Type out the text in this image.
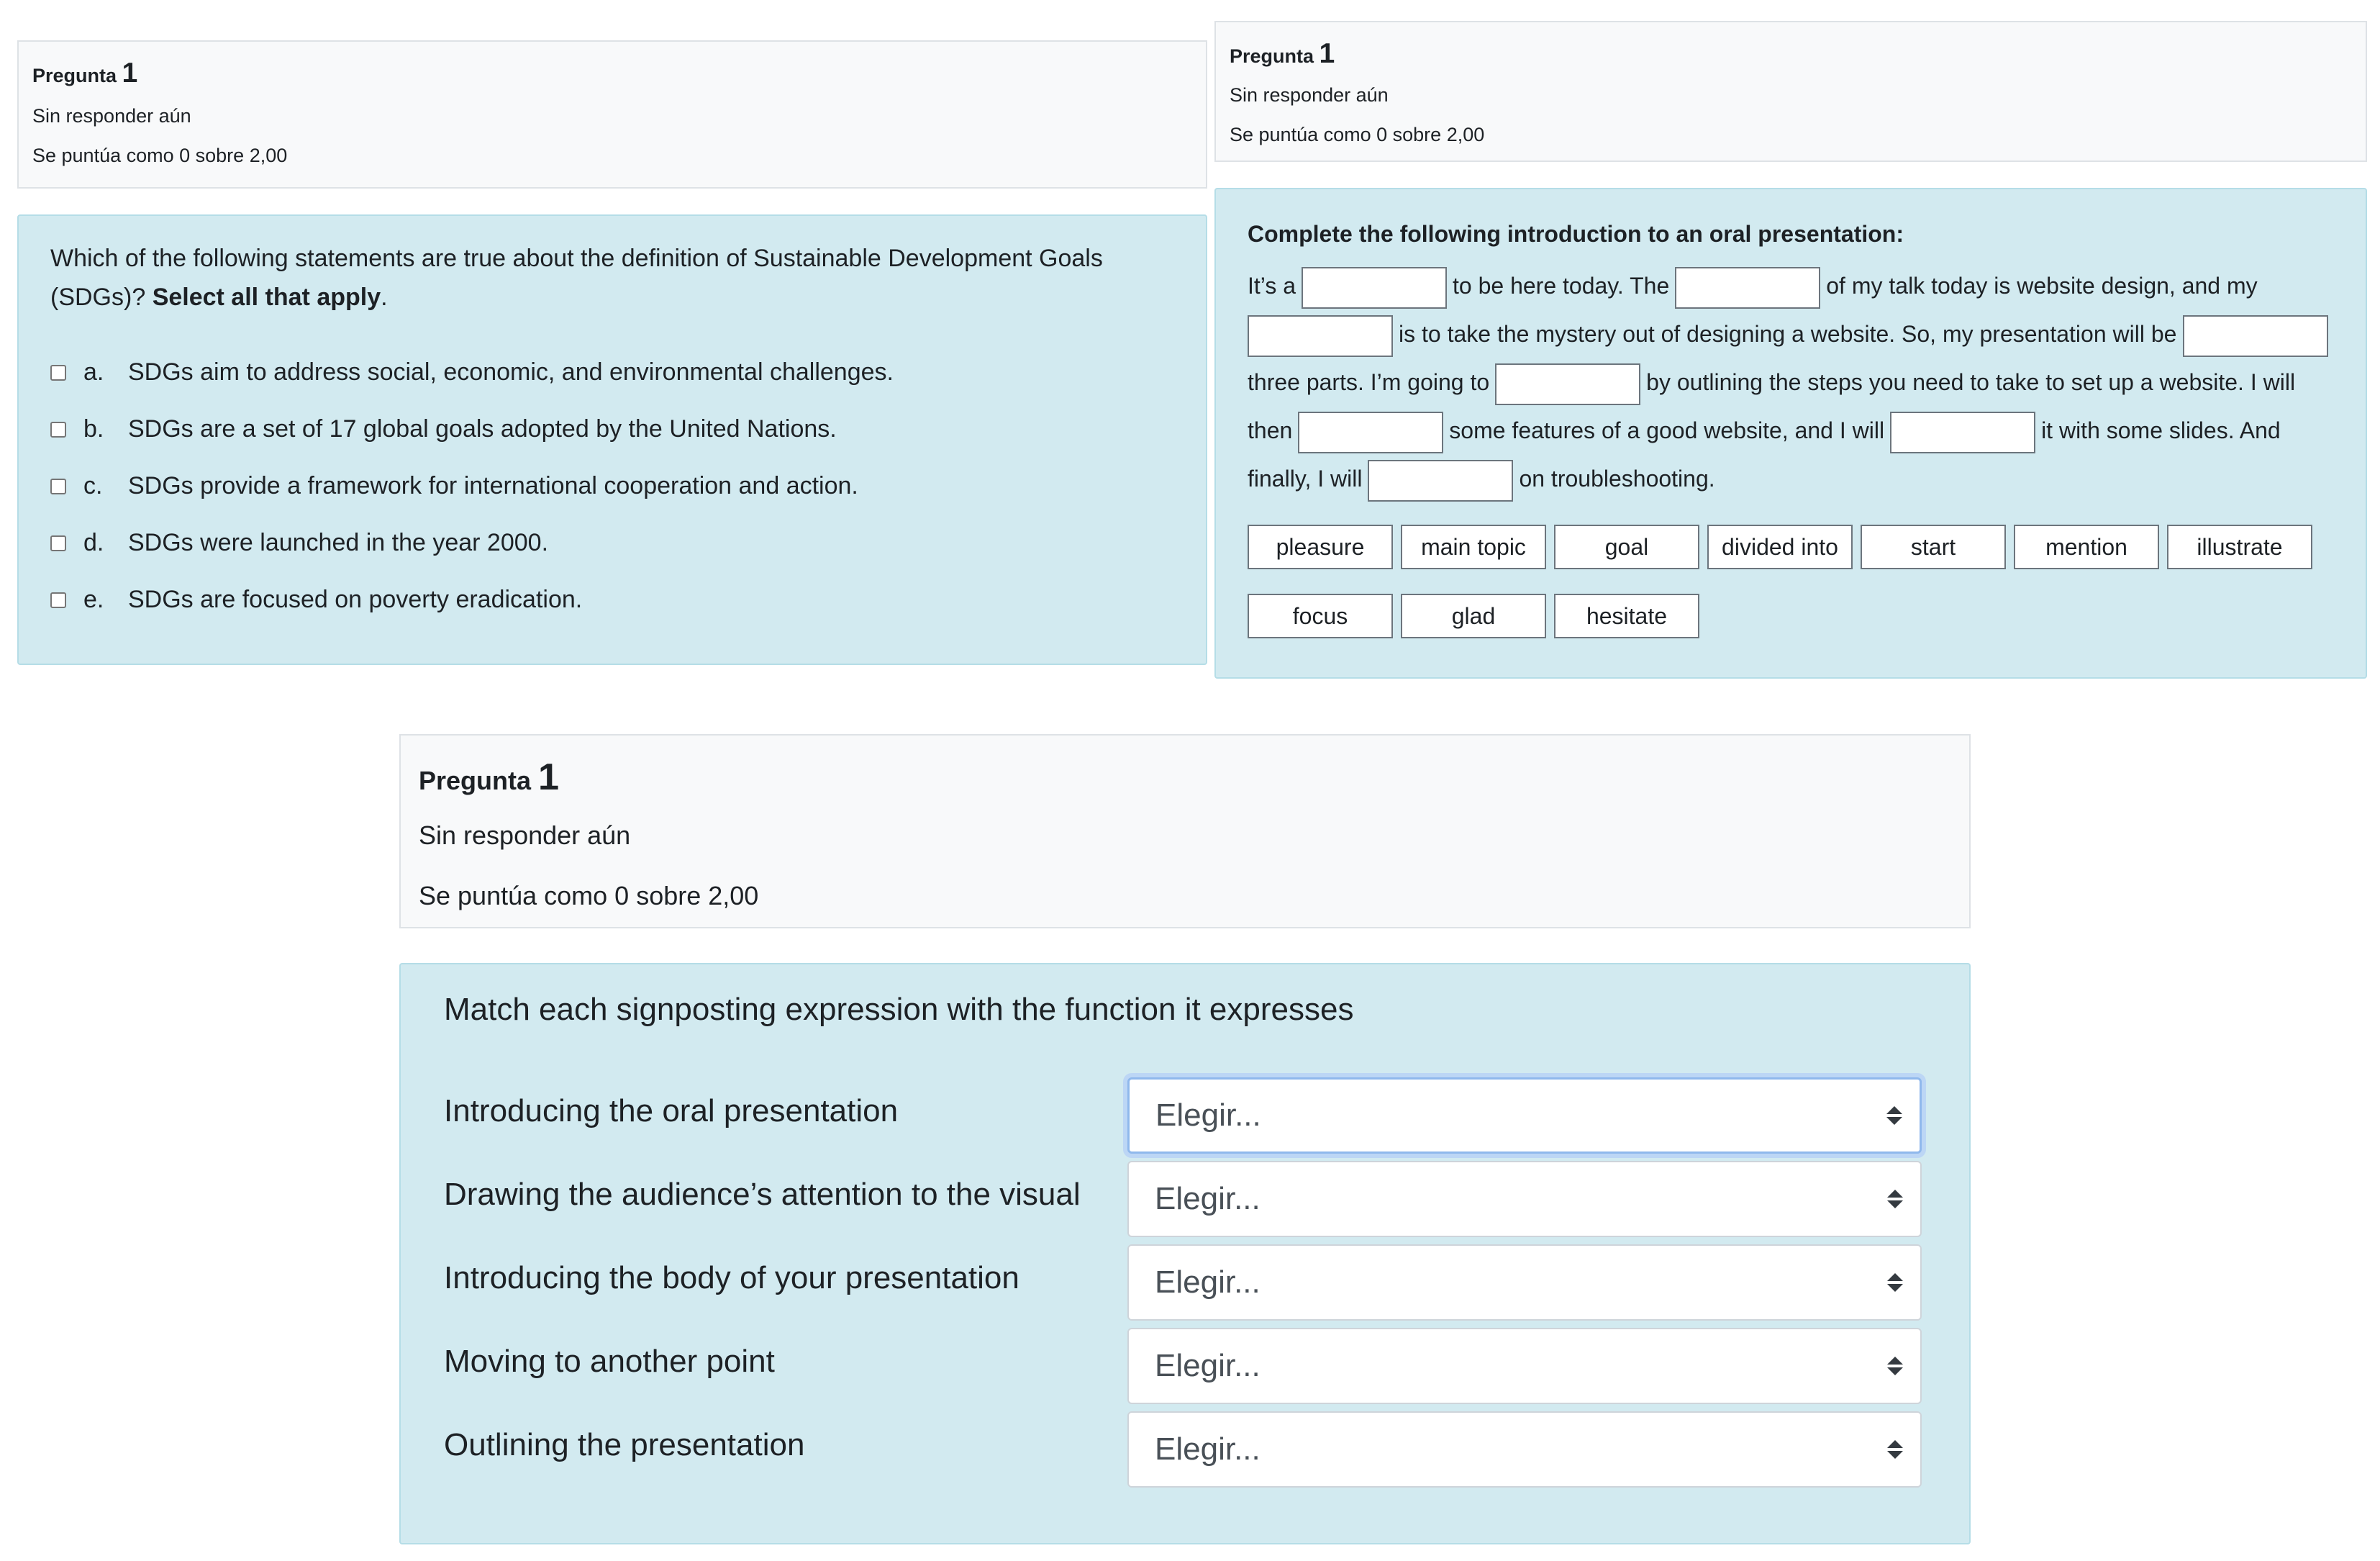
Pregunta 1
Sin responder aún
Se puntúa como 0 sobre 2,00
Which of the following statements are true about the definition of Sustainable Development Goals (SDGs)? Select all that apply.
a. SDGs aim to address social, economic, and environmental challenges.
b. SDGs are a set of 17 global goals adopted by the United Nations.
c.	SDGs provide a framework for international cooperation and action.
d. SDGs were launched in the year 2000.
e. SDGs are focused on poverty eradication.
Pregunta 1
Sin responder aún
Se puntúa como 0 sobre 2,00
Complete the following introduction to an oral presentation:
It’s a	to be here today. The	of my talk today is website design, and my is to take the mystery out of designing a website. So, my presentation will be three parts. I’m going to	by outlining the steps you need to take to set up a website. I will then	some features of a good website, and I will	it with some slides. And finally, I will	on troubleshooting.
pleasure	main topic	goal	divided into	start	mention	illustrate
focus	glad	hesitate
Pregunta 1
Sin responder aún
Se puntúa como 0 sobre 2,00
Match each signposting expression with the function it expresses
Introducing the oral presentation	Elegir...
Drawing the audience’s attention to the visual	Elegir...
Introducing the body of your presentation	Elegir...
Moving to another point	Elegir...
Outlining the presentation	Elegir...
